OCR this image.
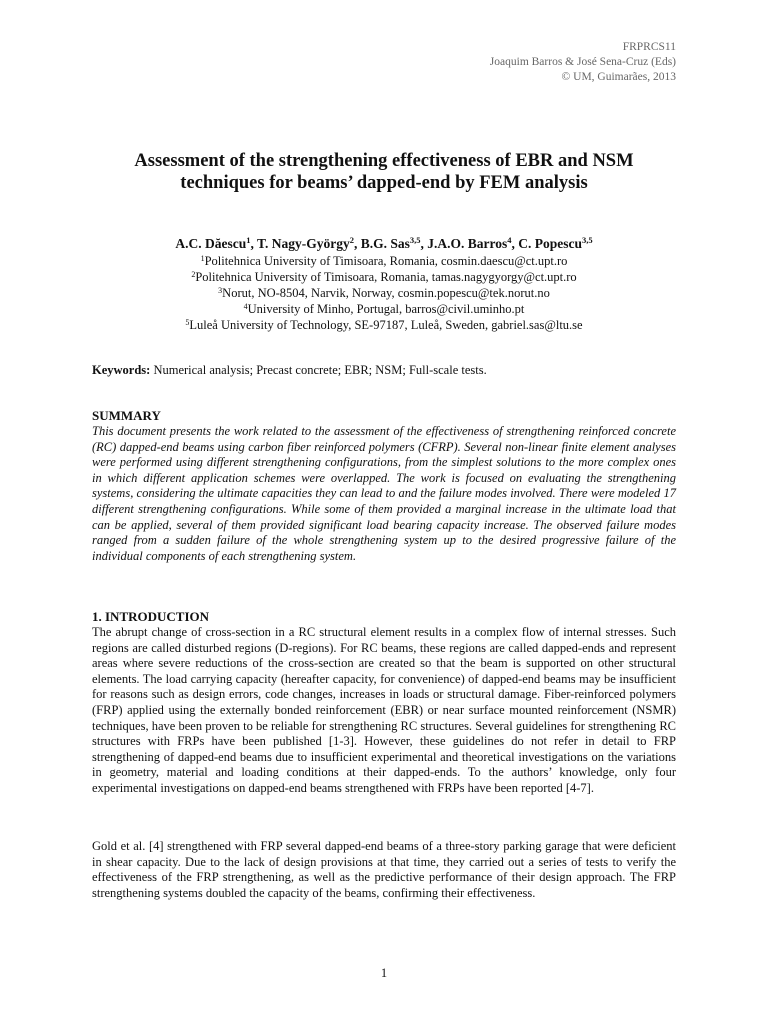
FRPRCS11
Joaquim Barros & José Sena-Cruz (Eds)
© UM, Guimarães, 2013
Assessment of the strengthening effectiveness of EBR and NSM
techniques for beams’ dapped-end by FEM analysis
A.C. Dăescu$^1$, T. Nagy-György$^2$, B.G. Sas$^{3,5}$, J.A.O. Barros$^4$, C. Popescu$^{3,5}$
$^1$Politehnica University of Timisoara, Romania, cosmin.daescu@ct.upt.ro
$^2$Politehnica University of Timisoara, Romania, tamas.nagygyorgy@ct.upt.ro
$^3$Norut, NO-8504, Narvik, Norway, cosmin.popescu@tek.norut.no
$^4$University of Minho, Portugal, barros@civil.uminho.pt
$^5$Luleå University of Technology, SE-97187, Luleå, Sweden, gabriel.sas@ltu.se
Keywords: Numerical analysis; Precast concrete; EBR; NSM; Full-scale tests.
SUMMARY
This document presents the work related to the assessment of the effectiveness of strengthening reinforced concrete (RC) dapped-end beams using carbon fiber reinforced polymers (CFRP). Several non-linear finite element analyses were performed using different strengthening configurations, from the simplest solutions to the more complex ones in which different application schemes were overlapped. The work is focused on evaluating the strengthening systems, considering the ultimate capacities they can lead to and the failure modes involved. There were modeled 17 different strengthening configurations. While some of them provided a marginal increase in the ultimate load that can be applied, several of them provided significant load bearing capacity increase. The observed failure modes ranged from a sudden failure of the whole strengthening system up to the desired progressive failure of the individual components of each strengthening system.
1. INTRODUCTION
The abrupt change of cross-section in a RC structural element results in a complex flow of internal stresses. Such regions are called disturbed regions (D-regions). For RC beams, these regions are called dapped-ends and represent areas where severe reductions of the cross-section are created so that the beam is supported on other structural elements. The load carrying capacity (hereafter capacity, for convenience) of dapped-end beams may be insufficient for reasons such as design errors, code changes, increases in loads or structural damage. Fiber-reinforced polymers (FRP) applied using the externally bonded reinforcement (EBR) or near surface mounted reinforcement (NSMR) techniques, have been proven to be reliable for strengthening RC structures. Several guidelines for strengthening RC structures with FRPs have been published [1-3]. However, these guidelines do not refer in detail to FRP strengthening of dapped-end beams due to insufficient experimental and theoretical investigations on the variations in geometry, material and loading conditions at their dapped-ends. To the authors’ knowledge, only four experimental investigations on dapped-end beams strengthened with FRPs have been reported [4-7].
Gold et al. [4] strengthened with FRP several dapped-end beams of a three-story parking garage that were deficient in shear capacity. Due to the lack of design provisions at that time, they carried out a series of tests to verify the effectiveness of the FRP strengthening, as well as the predictive performance of their design approach. The FRP strengthening systems doubled the capacity of the beams, confirming their effectiveness.
1
